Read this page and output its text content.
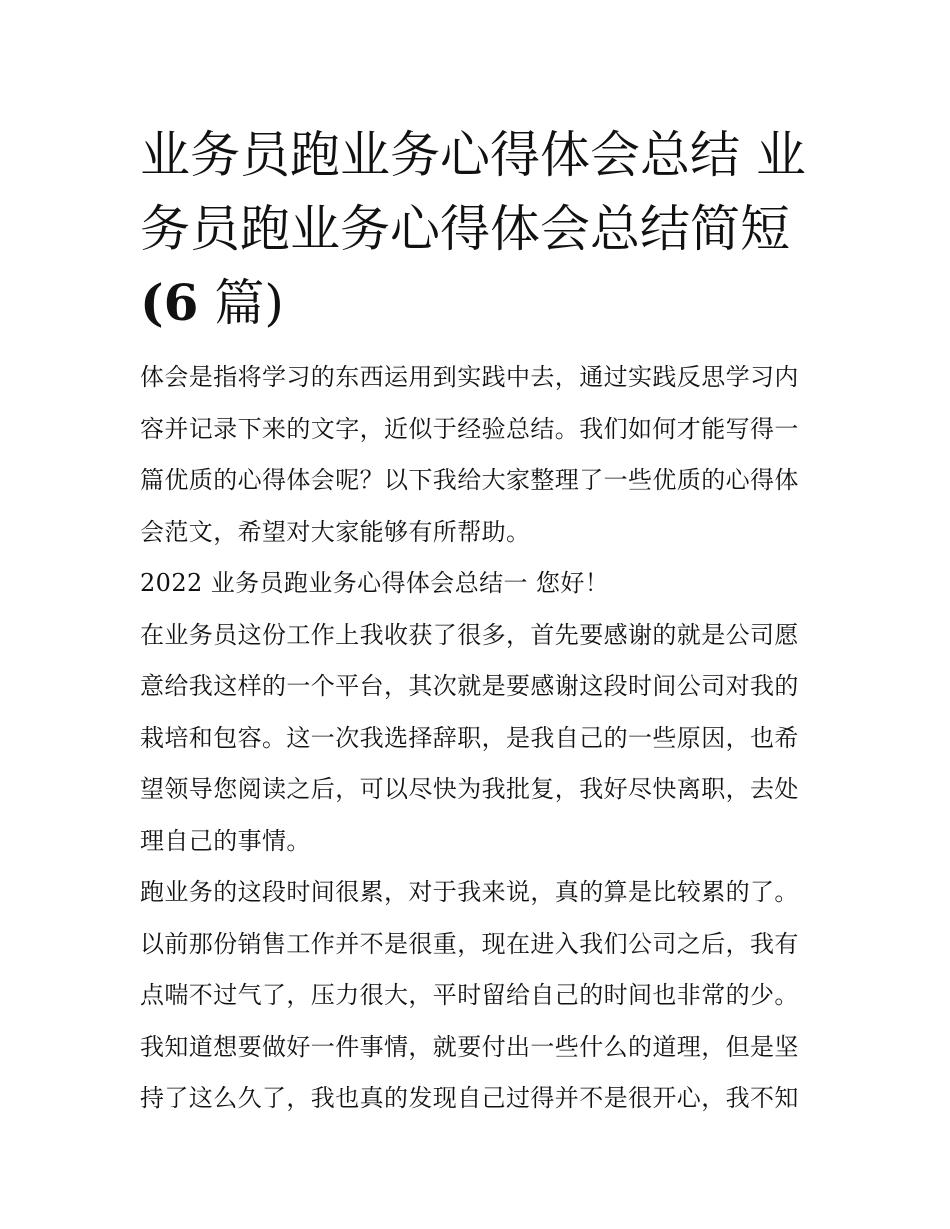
业务员跑业务心得体会总结 业
务员跑业务心得体会总结简短
(6 篇)
体会是指将学习的东西运用到实践中去，通过实践反思学习内
容并记录下来的文字，近似于经验总结。我们如何才能写得一
篇优质的心得体会呢？以下我给大家整理了一些优质的心得体
会范文，希望对大家能够有所帮助。
2022 业务员跑业务心得体会总结一 您好！
在业务员这份工作上我收获了很多，首先要感谢的就是公司愿
意给我这样的一个平台，其次就是要感谢这段时间公司对我的
栽培和包容。这一次我选择辞职，是我自己的一些原因，也希
望领导您阅读之后，可以尽快为我批复，我好尽快离职，去处
理自己的事情。
跑业务的这段时间很累，对于我来说，真的算是比较累的了。
以前那份销售工作并不是很重，现在进入我们公司之后，我有
点喘不过气了，压力很大，平时留给自己的时间也非常的少。
我知道想要做好一件事情，就要付出一些什么的道理，但是坚
持了这么久了，我也真的发现自己过得并不是很开心，我不知
